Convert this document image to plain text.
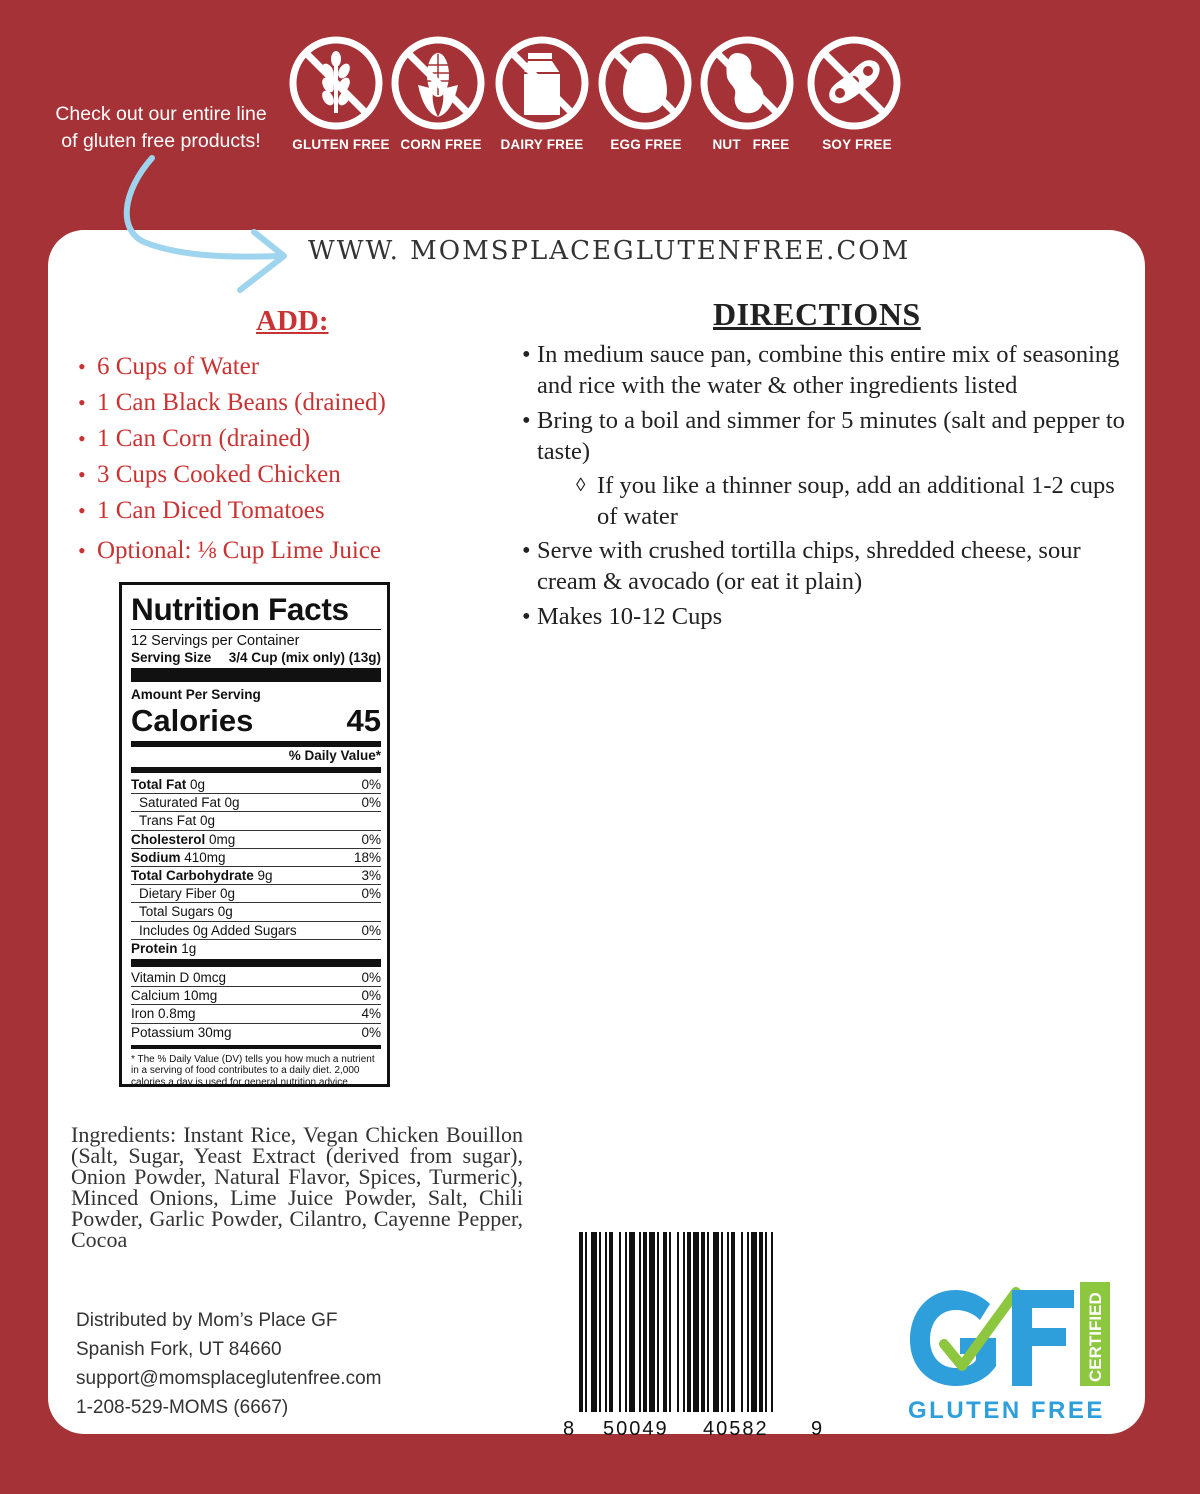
GLUTEN FREE CORN FREE	DAIRY FREE	EGG FREE	NUT   FREE	SOY FREE
Check out our entire line
of gluten free products!
WWW. MOMSPLACEGLUTENFREE.COM
ADD:
• 6 Cups of Water
• 1 Can Black Beans (drained)
• 1 Can Corn (drained)
• 3 Cups Cooked Chicken
• 1 Can Diced Tomatoes
• Optional: ⅛ Cup Lime Juice
DIRECTIONS
• In medium sauce pan, combine this entire mix of seasoning and rice with the water & other ingredients listed
• Bring to a boil and simmer for 5 minutes (salt and pepper to taste)
◊ If you like a thinner soup, add an additional 1-2 cups of water
• Serve with crushed tortilla chips, shredded cheese, sour cream & avocado (or eat it plain)
• Makes 10-12 Cups
Nutrition Facts
12 Servings per Container
Serving Size 3/4 Cup (mix only) (13g)
Amount Per Serving
Calories	45
% Daily Value*
Total Fat 0g	0%
Saturated Fat 0g	0%
Trans Fat 0g
Cholesterol 0mg	0%
Sodium 410mg	18%
Total Carbohydrate 9g	3%
Dietary Fiber 0g	0%
Total Sugars 0g
Includes 0g Added Sugars	0%
Protein 1g
Vitamin D 0mcg	0%
Calcium 10mg	0%
Iron 0.8mg	4%
Potassium 30mg	0%
* The % Daily Value (DV) tells you how much a nutrient in a serving of food contributes to a daily diet. 2,000 calories a day is used for general nutrition advice.
Ingredients: Instant Rice, Vegan Chicken Bouillon (Salt, Sugar, Yeast Extract (derived from sugar), Onion Powder, Natural Flavor, Spices, Turmeric), Minced Onions, Lime Juice Powder, Salt, Chili Powder, Garlic Powder, Cilantro, Cayenne Pepper, Cocoa
Distributed by Mom’s Place GF
Spanish Fork, UT 84660
support@momsplaceglutenfree.com
1-208-529-MOMS (6667)
8 50049 40582 9
CERTIFIED
GLUTEN FREE
